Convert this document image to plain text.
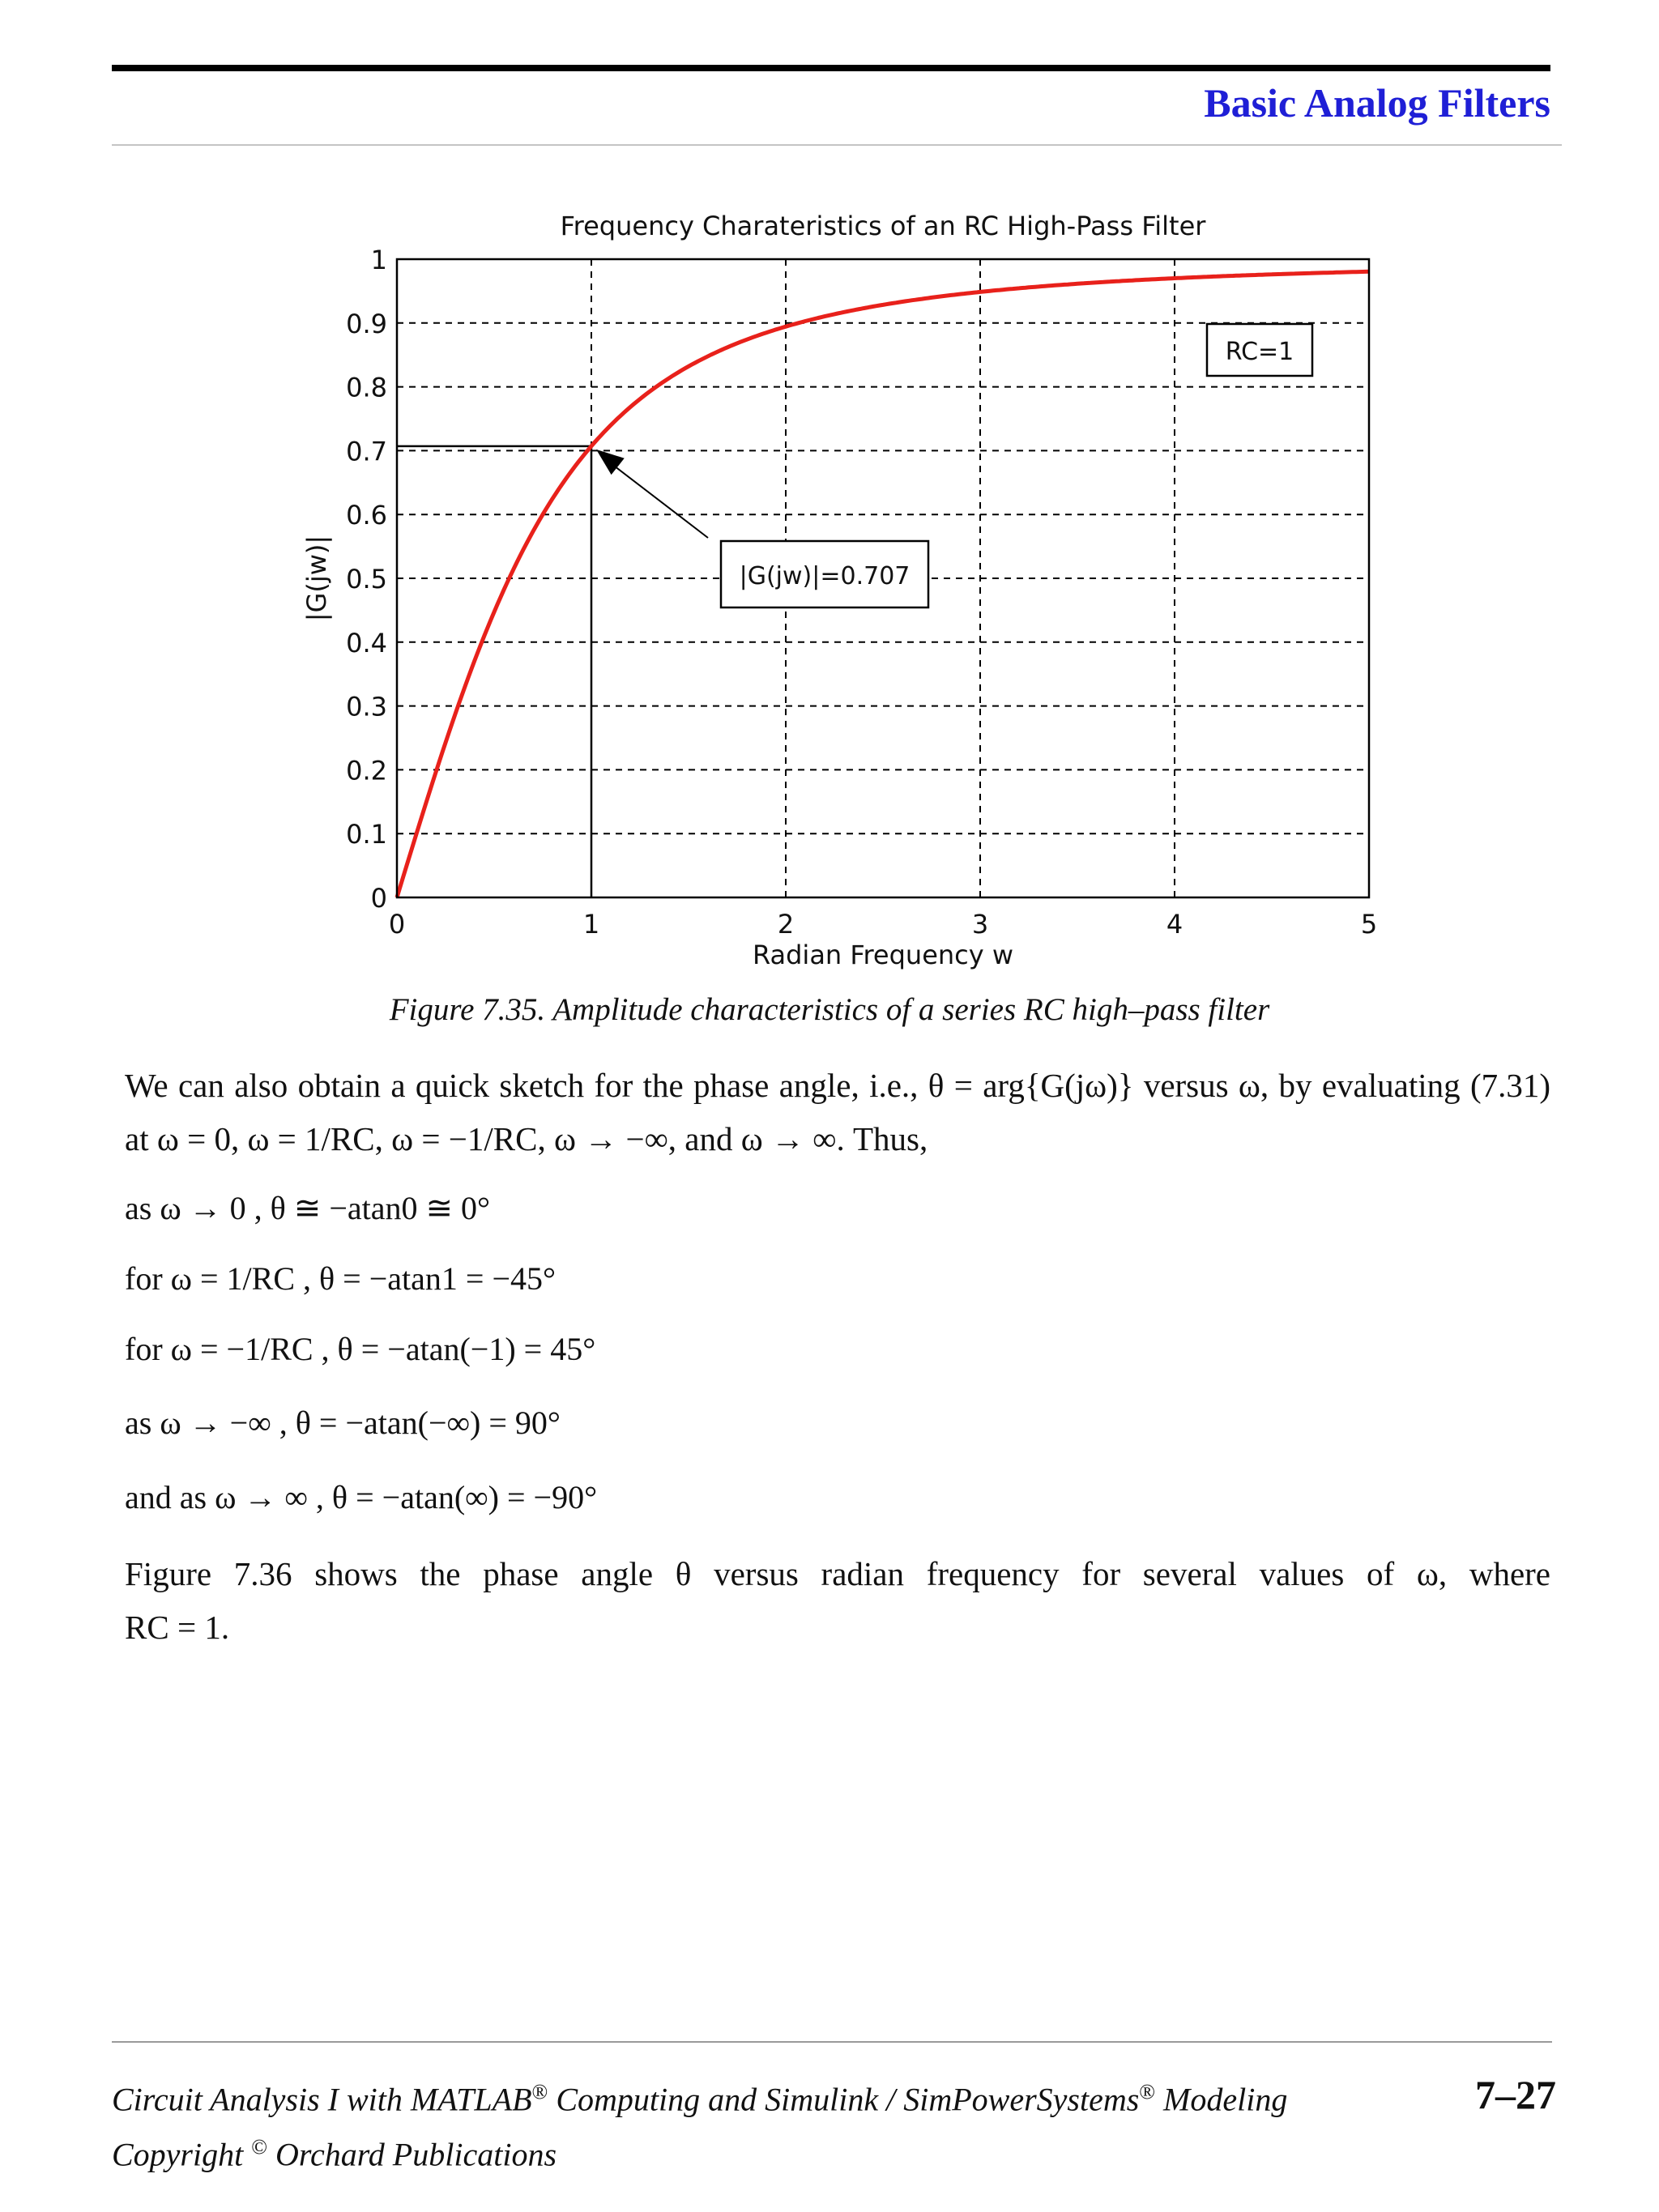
Basic Analog Filters
0	1	2	3	4	5
0
0.1
0.2
0.3
0.4
0.5
0.6
0.7
0.8
0.9
1
Frequency Charateristics of an RC High-Pass Filter
Radian Frequency w
|G(jw)|	|G(jw)|=0.707
RC=1
Figure 7.35. Amplitude characteristics of a series RC high–pass filter
We can also obtain a quick sketch for the phase angle, i.e., θ = arg{G(jω)} versus ω, by evaluating (7.31) at ω = 0, ω = 1/RC, ω = −1/RC, ω → −∞, and ω → ∞. Thus,
as ω → 0 , θ ≅ −atan0 ≅ 0°
for ω = 1/RC , θ = −atan1 = −45°
for ω = −1/RC , θ = −atan(−1) = 45°
as ω → −∞ , θ = −atan(−∞) = 90°
and as ω → ∞ , θ = −atan(∞) = −90°
Figure 7.36 shows the phase angle θ versus radian frequency for several values of ω, where
RC = 1.
Circuit Analysis I with MATLAB® Computing and Simulink / SimPowerSystems® Modeling
Copyright © Orchard Publications
7–27
